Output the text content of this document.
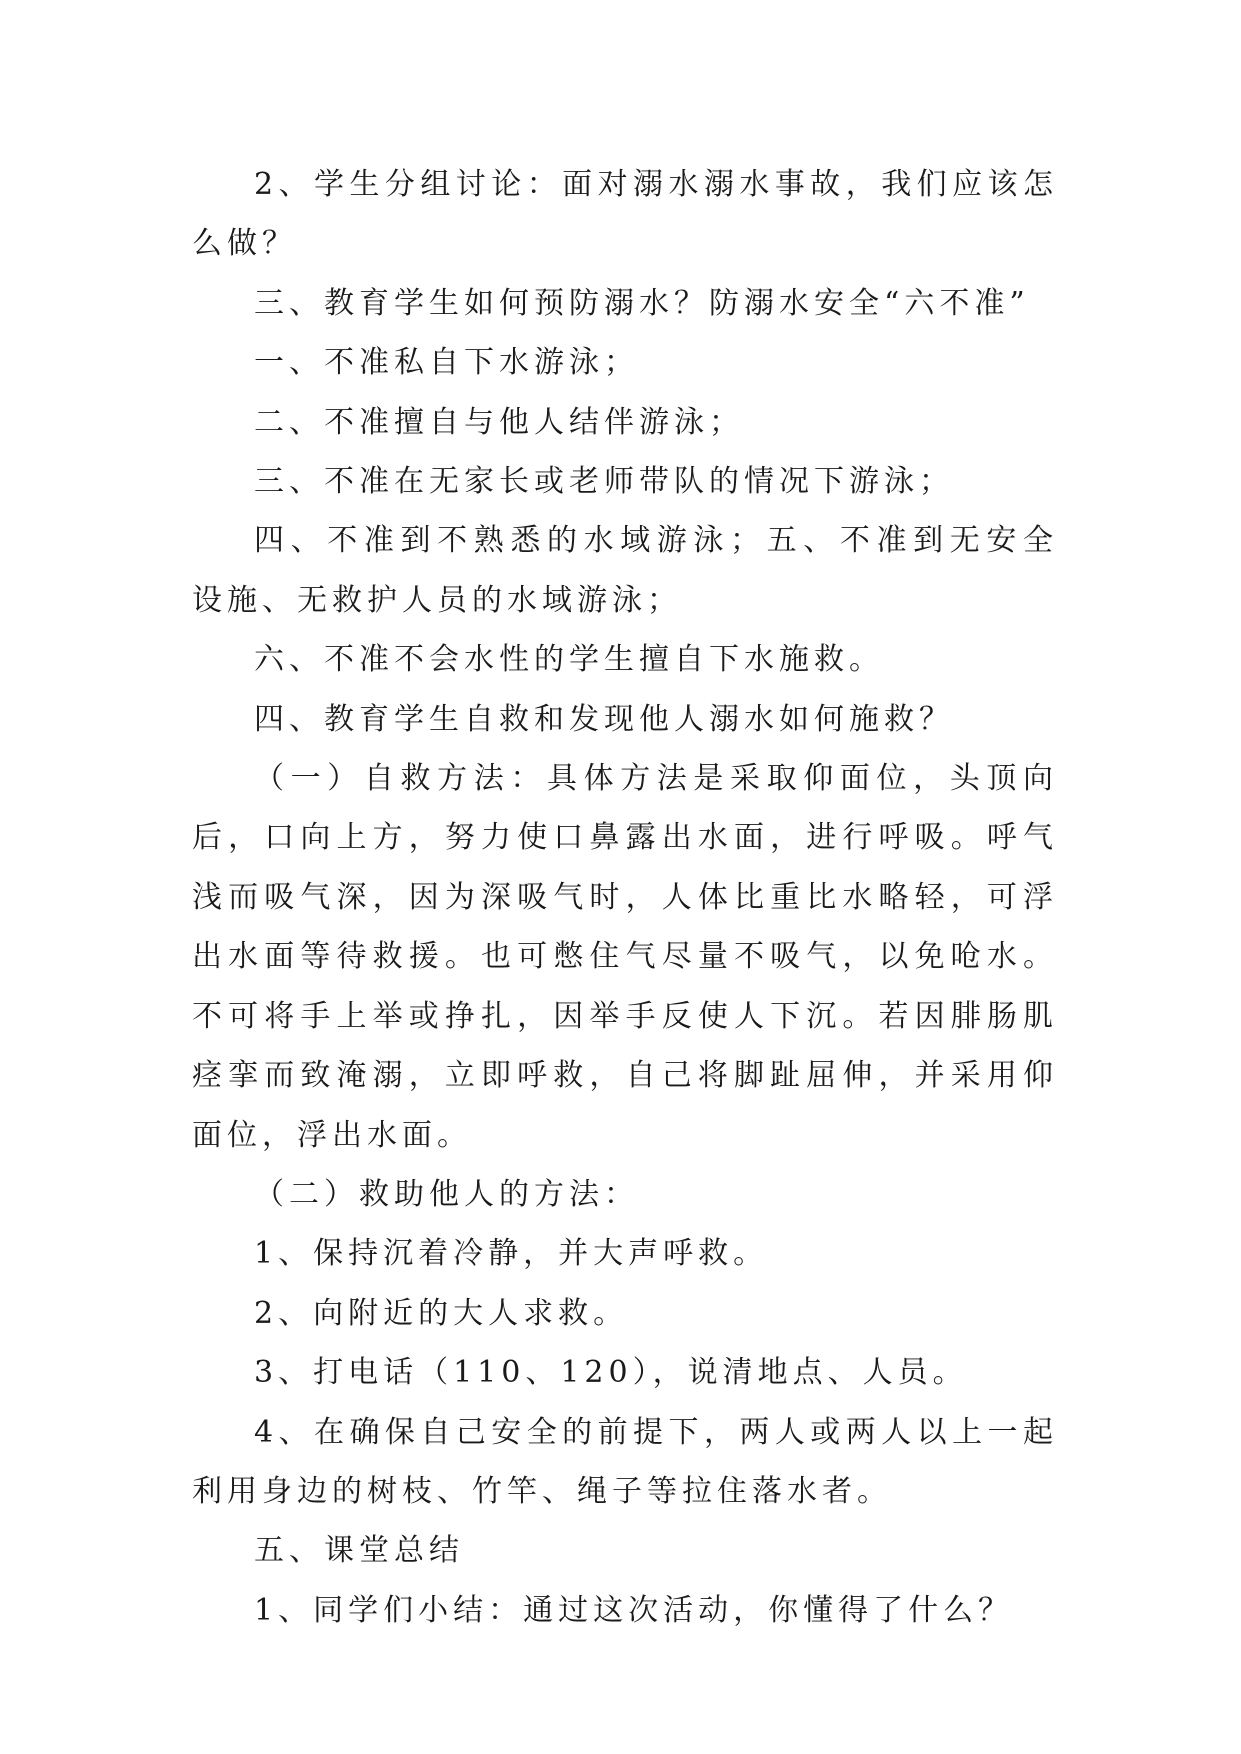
2、学生分组讨论：面对溺水溺水事故，我们应该怎么做？

三、教育学生如何预防溺水？防溺水安全“六不准”

一、不准私自下水游泳；

二、不准擅自与他人结伴游泳；

三、不准在无家长或老师带队的情况下游泳；

四、不准到不熟悉的水域游泳；五、不准到无安全设施、无救护人员的水域游泳；

六、不准不会水性的学生擅自下水施救。

四、教育学生自救和发现他人溺水如何施救？

（一）自救方法：具体方法是采取仰面位，头顶向后，口向上方，努力使口鼻露出水面，进行呼吸。呼气浅而吸气深，因为深吸气时，人体比重比水略轻，可浮出水面等待救援。也可憋住气尽量不吸气，以免呛水。不可将手上举或挣扎，因举手反使人下沉。若因腓肠肌痉挛而致淹溺，立即呼救，自己将脚趾屈伸，并采用仰面位，浮出水面。

（二）救助他人的方法：

1、保持沉着冷静，并大声呼救。

2、向附近的大人求救。

3、打电话（110、120），说清地点、人员。

4、在确保自己安全的前提下，两人或两人以上一起利用身边的树枝、竹竿、绳子等拉住落水者。

五、课堂总结

1、同学们小结：通过这次活动，你懂得了什么？
